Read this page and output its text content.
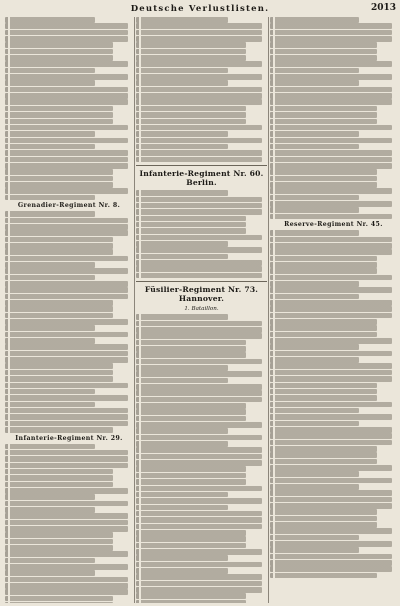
Deutsche Verlustlisten.	2013
Grenadier-Regiment Nr. 8.
Infanterie-Regiment Nr. 29.
Infanterie-Regiment Nr. 60. Berlin.
Füsilier-Regiment Nr. 73. Hannover.
1. Bataillon.
Reserve-Regiment Nr. 45.
